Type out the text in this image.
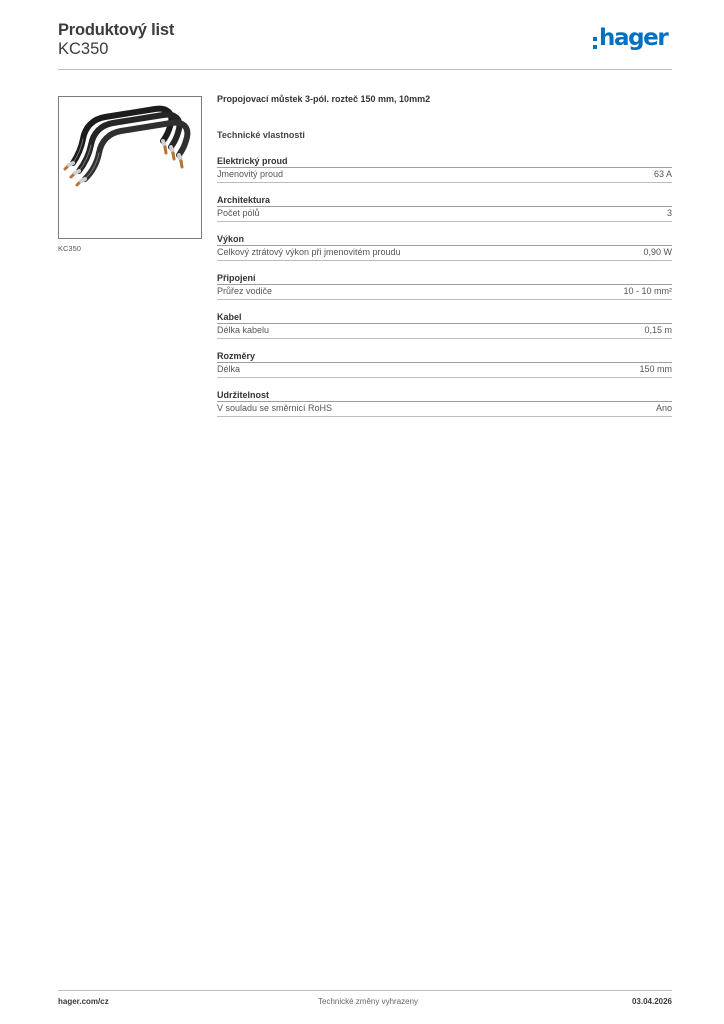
Produktový list
KC350	hager
KC350
Propojovací můstek 3-pól. rozteč 150 mm, 10mm2
Technické vlastnosti
Elektrický proud
Jmenovitý proud	63 A
Architektura
Počet pólů	3
Výkon
Celkový ztrátový výkon při jmenovitém proudu	0,90 W
Připojení
Průřez vodiče	10 - 10 mm²
Kabel
Délka kabelu	0,15 m
Rozměry
Délka	150 mm
Udržitelnost
V souladu se směrnicí RoHS	Ano
hager.com/cz	Technické změny vyhrazeny	03.04.2026
